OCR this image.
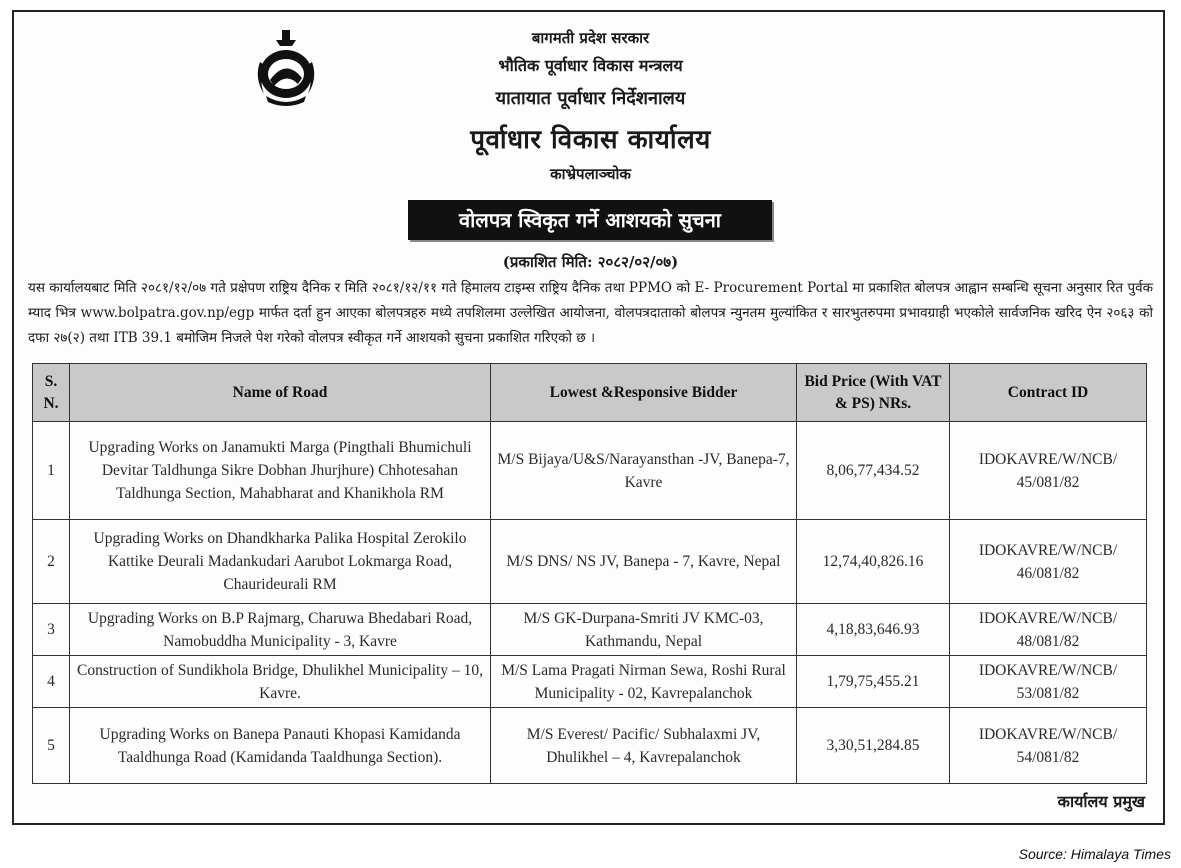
बागमती प्रदेश सरकार
भौतिक पूर्वाधार विकास मन्त्रलय
यातायात पूर्वाधार निर्देशनालय
पूर्वाधार विकास कार्यालय
काभ्रेपलाञ्चोक
वोलपत्र स्विकृत गर्ने आशयको सुचना
(प्रकाशित मिति: २०८२/०२/०७)
यस कार्यालयबाट मिति २०८१/१२/०७ गते प्रक्षेपण राष्ट्रिय दैनिक र मिति २०८१/१२/११ गते हिमालय टाइम्स राष्ट्रिय दैनिक तथा PPMO को E- Procurement Portal मा प्रकाशित बोलपत्र आह्वान सम्बन्धि सूचना अनुसार रित पुर्वक म्याद भित्र www.bolpatra.gov.np/egp मार्फत दर्ता हुन आएका बोलपत्रहरु मध्ये तपशिलमा उल्लेखित आयोजना, वोलपत्रदाताको बोलपत्र न्युनतम मुल्यांकित र सारभुतरुपमा प्रभावग्राही भएकोले सार्वजनिक खरिद ऐन २०६३ को दफा २७(२) तथा ITB 39.1 बमोजिम निजले पेश गरेको वोलपत्र स्वीकृत गर्ने आशयको सुचना प्रकाशित गरिएको छ ।
S. N.	Name of Road	Lowest &Responsive Bidder	Bid Price (With VAT & PS) NRs.	Contract ID
1	Upgrading Works on Janamukti Marga (Pingthali Bhumichuli Devitar Taldhunga Sikre Dobhan Jhurjhure) Chhotesahan Taldhunga Section, Mahabharat and Khanikhola RM	M/S Bijaya/U&S/Narayansthan -JV, Banepa-7, Kavre	8,06,77,434.52	IDOKAVRE/W/NCB/ 45/081/82
2	Upgrading Works on Dhandkharka Palika Hospital Zerokilo Kattike Deurali Madankudari Aarubot Lokmarga Road, Chaurideurali RM	M/S DNS/ NS JV, Banepa - 7, Kavre, Nepal	12,74,40,826.16	IDOKAVRE/W/NCB/ 46/081/82
3	Upgrading Works on B.P Rajmarg, Charuwa Bhedabari Road, Namobuddha Municipality - 3, Kavre	M/S GK-Durpana-Smriti JV KMC-03, Kathmandu, Nepal	4,18,83,646.93	IDOKAVRE/W/NCB/ 48/081/82
4	Construction of Sundikhola Bridge, Dhulikhel Municipality – 10, Kavre.	M/S Lama Pragati Nirman Sewa, Roshi Rural Municipality - 02, Kavrepalanchok	1,79,75,455.21	IDOKAVRE/W/NCB/ 53/081/82
5	Upgrading Works on Banepa Panauti Khopasi Kamidanda Taaldhunga Road (Kamidanda Taaldhunga Section).	M/S Everest/ Pacific/ Subhalaxmi JV, Dhulikhel – 4, Kavrepalanchok	3,30,51,284.85	IDOKAVRE/W/NCB/ 54/081/82
कार्यालय प्रमुख
Source: Himalaya Times
